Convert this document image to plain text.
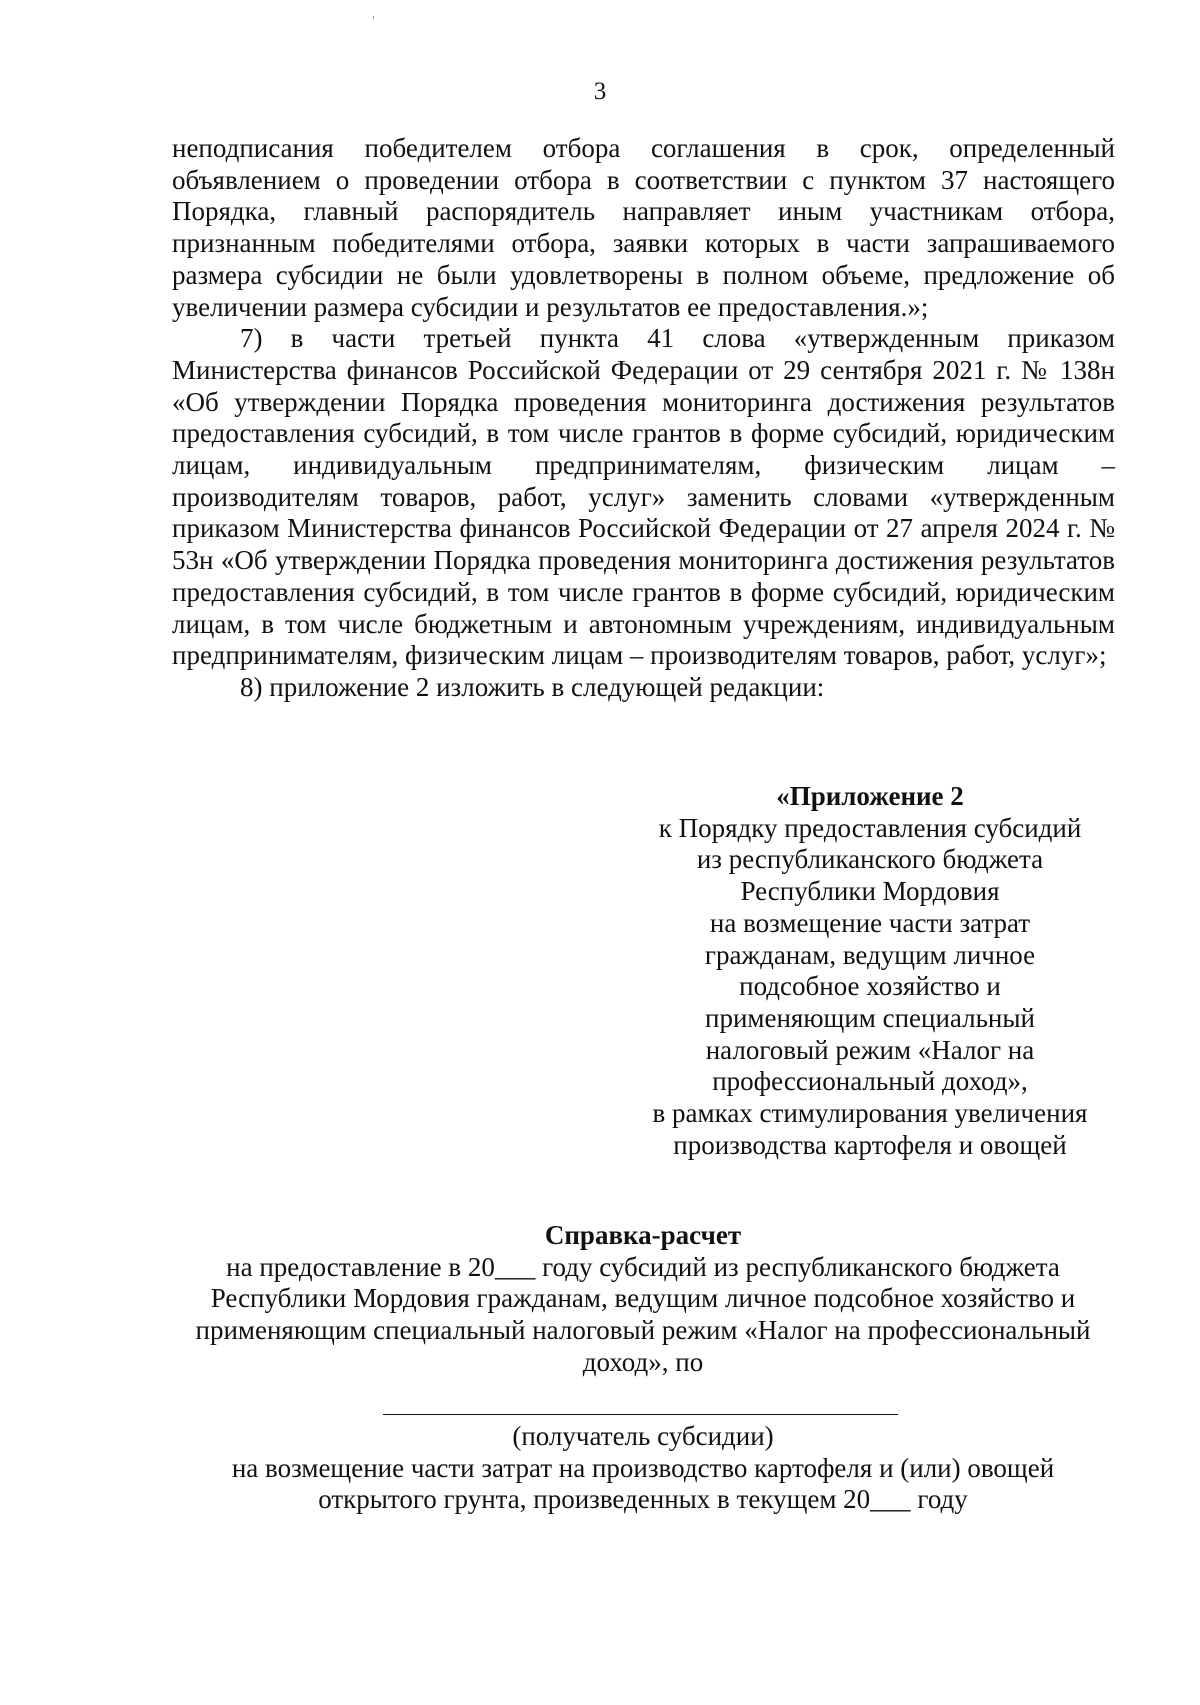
3

неподписания победителем отбора соглашения в срок, определенный объявлением о проведении отбора в соответствии с пунктом 37 настоящего Порядка, главный распорядитель направляет иным участникам отбора, признанным победителями отбора, заявки которых в части запрашиваемого размера субсидии не были удовлетворены в полном объеме, предложение об увеличении размера субсидии и результатов ее предоставления.»;

7) в части третьей пункта 41 слова «утвержденным приказом Министерства финансов Российской Федерации от 29 сентября 2021 г. № 138н «Об утверждении Порядка проведения мониторинга достижения результатов предоставления субсидий, в том числе грантов в форме субсидий, юридическим лицам, индивидуальным предпринимателям, физическим лицам – производителям товаров, работ, услуг» заменить словами «утвержденным приказом Министерства финансов Российской Федерации от 27 апреля 2024 г. № 53н «Об утверждении Порядка проведения мониторинга достижения результатов предоставления субсидий, в том числе грантов в форме субсидий, юридическим лицам, в том числе бюджетным и автономным учреждениям, индивидуальным предпринимателям, физическим лицам – производителям товаров, работ, услуг»;

8) приложение 2 изложить в следующей редакции:

«Приложение 2
к Порядку предоставления субсидий
из республиканского бюджета
Республики Мордовия
на возмещение части затрат
гражданам, ведущим личное
подсобное хозяйство и
применяющим специальный
налоговый режим «Налог на
профессиональный доход»,
в рамках стимулирования увеличения
производства картофеля и овощей
Справка-расчет
на предоставление в 20___ году субсидий из республиканского бюджета
Республики Мордовия гражданам, ведущим личное подсобное хозяйство и
применяющим специальный налоговый режим «Налог на профессиональный
доход», по
(получатель субсидии)
на возмещение части затрат на производство картофеля и (или) овощей
открытого грунта, произведенных в текущем 20___ году
